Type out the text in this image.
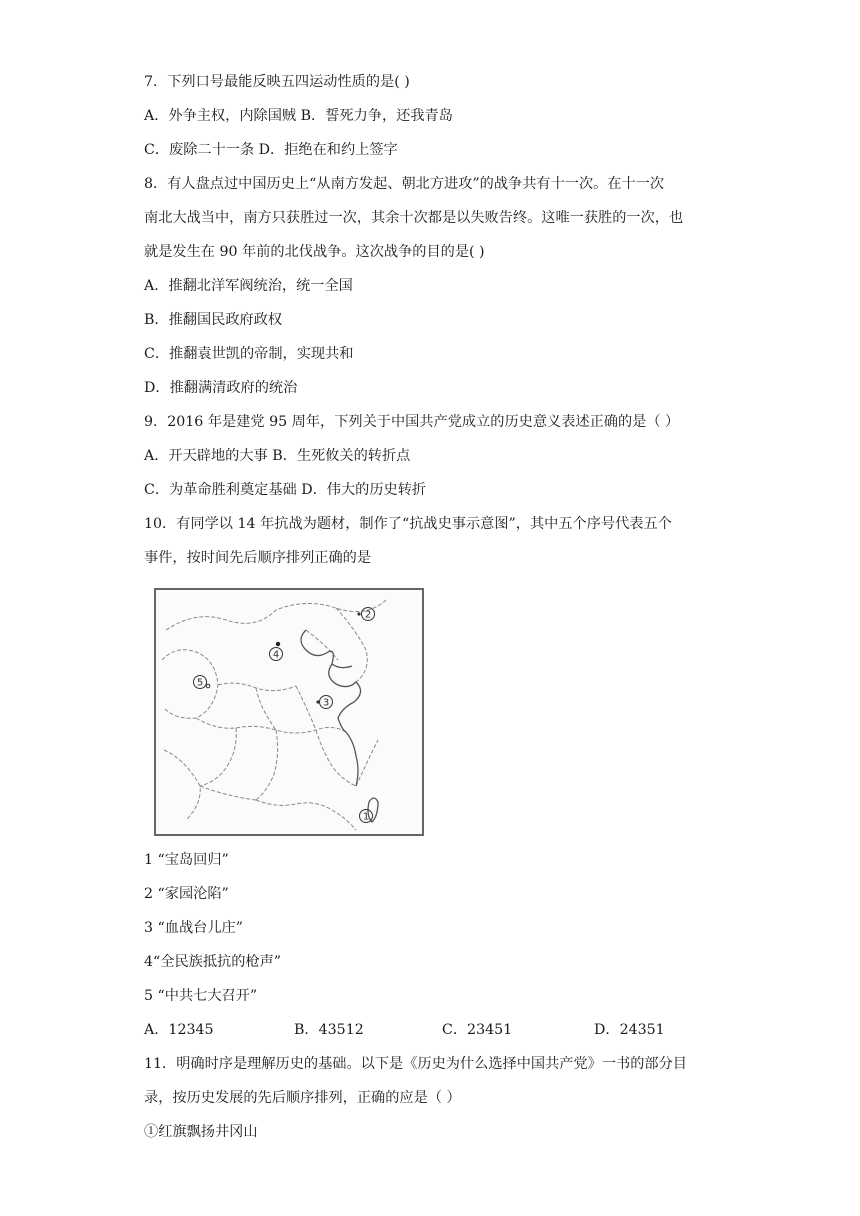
7．下列口号最能反映五四运动性质的是( )
A．外争主权，内除国贼 B．誓死力争，还我青岛
C．废除二十一条 D．拒绝在和约上签字
8．有人盘点过中国历史上“从南方发起、朝北方进攻”的战争共有十一次。在十一次
南北大战当中，南方只获胜过一次，其余十次都是以失败告终。这唯一获胜的一次，也
就是发生在 90 年前的北伐战争。这次战争的目的是( )
A．推翻北洋军阀统治，统一全国
B．推翻国民政府政权
C．推翻袁世凯的帝制，实现共和
D．推翻满清政府的统治
9．2016 年是建党 95 周年，下列关于中国共产党成立的历史意义表述正确的是（ ）
A．开天辟地的大事 B．生死攸关的转折点
C．为革命胜利奠定基础 D．伟大的历史转折
10．有同学以 14 年抗战为题材，制作了“抗战史事示意图”，其中五个序号代表五个
事件，按时间先后顺序排列正确的是
2
4
3
5
1
1 “宝岛回归”
2 “家园沦陷”
3 “血战台儿庄”
4“全民族抵抗的枪声”
5 “中共七大召开”
A．12345	B．43512	C．23451	D．24351
11．明确时序是理解历史的基础。以下是《历史为什么选择中国共产党》一书的部分目
录，按历史发展的先后顺序排列，正确的应是（ ）
①红旗飘扬井冈山
